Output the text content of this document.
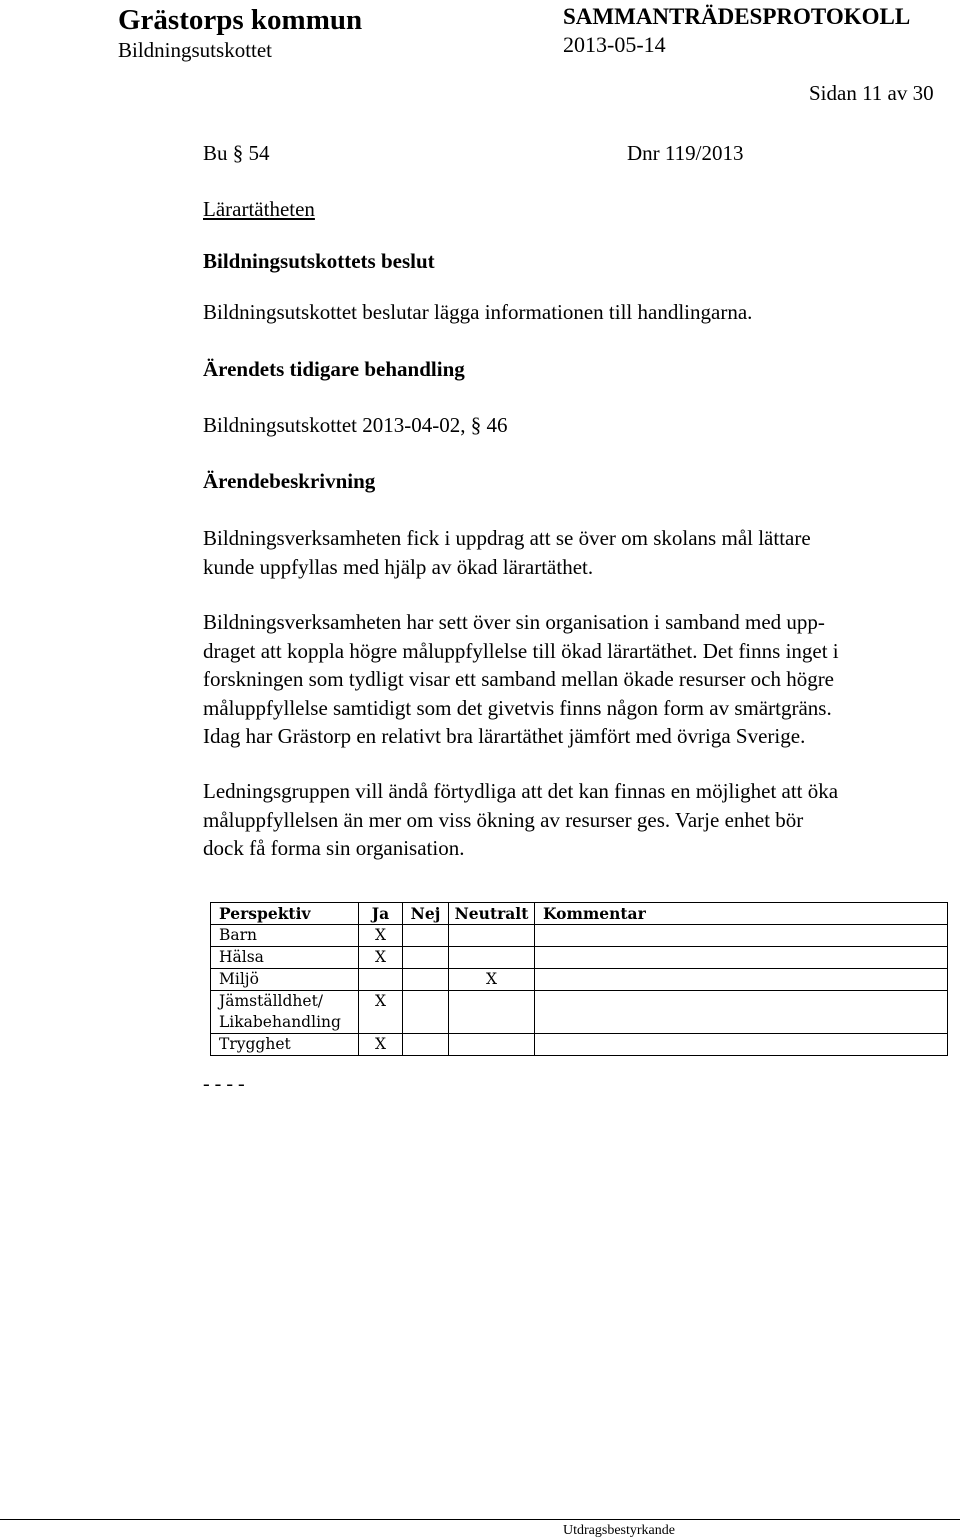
Grästorps kommun
Bildningsutskottet
SAMMANTRÄDESPROTOKOLL
2013-05-14
Sidan 11 av 30
Bu § 54	Dnr 119/2013
Lärartätheten
Bildningsutskottets beslut
Bildningsutskottet beslutar lägga informationen till handlingarna.
Ärendets tidigare behandling
Bildningsutskottet 2013-04-02, § 46
Ärendebeskrivning
Bildningsverksamheten fick i uppdrag att se över om skolans mål lättare
kunde uppfyllas med hjälp av ökad lärartäthet.
Bildningsverksamheten har sett över sin organisation i samband med upp-
draget att koppla högre måluppfyllelse till ökad lärartäthet. Det finns inget i
forskningen som tydligt visar ett samband mellan ökade resurser och högre
måluppfyllelse samtidigt som det givetvis finns någon form av smärtgräns.
Idag har Grästorp en relativt bra lärartäthet jämfört med övriga Sverige.
Ledningsgruppen vill ändå förtydliga att det kan finnas en möjlighet att öka
måluppfyllelsen än mer om viss ökning av resurser ges. Varje enhet bör
dock få forma sin organisation.
Perspektiv	Ja	Nej	Neutralt	Kommentar
Barn	X			
Hälsa	X			
Miljö			X	
Jämställdhet/	X			
Likabehandling				
Trygghet	X			
- - - -
Utdragsbestyrkande
